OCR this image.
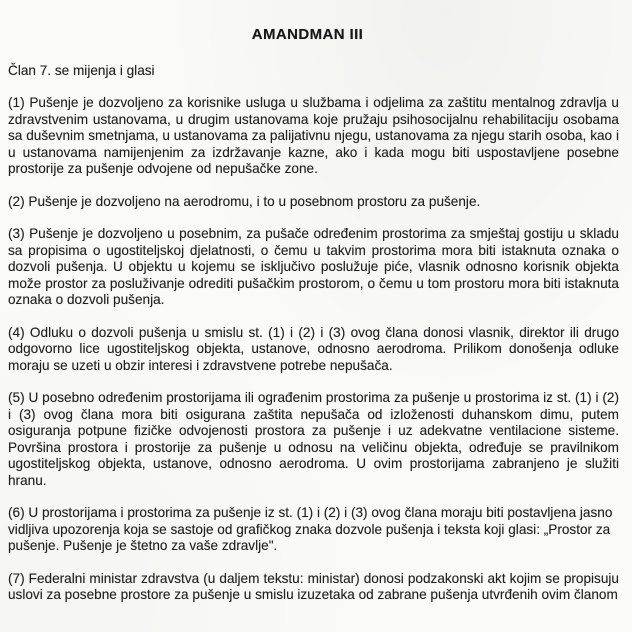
AMANDMAN III

Član 7. se mijenja i glasi

(1) Pušenje je dozvoljeno za korisnike usluga u službama i odjelima za zaštitu mentalnog zdravlja u zdravstvenim ustanovama, u drugim ustanovama koje pružaju psihosocijalnu rehabilitaciju osobama sa duševnim smetnjama, u ustanovama za palijativnu njegu, ustanovama za njegu starih osoba, kao i u ustanovama namijenjenim za izdržavanje kazne, ako i kada mogu biti uspostavljene posebne prostorije za pušenje odvojene od nepušačke zone.

(2) Pušenje je dozvoljeno na aerodromu, i to u posebnom prostoru za pušenje.

(3) Pušenje je dozvoljeno u posebnim, za pušače određenim prostorima za smještaj gostiju u skladu sa propisima o ugostiteljskoj djelatnosti, o čemu u takvim prostorima mora biti istaknuta oznaka o dozvoli pušenja. U objektu u kojemu se isključivo poslužuje piće, vlasnik odnosno korisnik objekta može prostor za posluživanje odrediti pušačkim prostorom, o čemu u tom prostoru mora biti istaknuta oznaka o dozvoli pušenja.

(4) Odluku o dozvoli pušenja u smislu st. (1) i (2) i (3) ovog člana donosi vlasnik, direktor ili drugo odgovorno lice ugostiteljskog objekta, ustanove, odnosno aerodroma. Prilikom donošenja odluke moraju se uzeti u obzir interesi i zdravstvene potrebe nepušača.

(5) U posebno određenim prostorijama ili ograđenim prostorima za pušenje u prostorima iz st. (1) i (2) i (3) ovog člana mora biti osigurana zaštita nepušača od izloženosti duhanskom dimu, putem osiguranja potpune fizičke odvojenosti prostora za pušenje i uz adekvatne ventilacione sisteme. Površina prostora i prostorije za pušenje u odnosu na veličinu objekta, određuje se pravilnikom ugostiteljskog objekta, ustanove, odnosno aerodroma. U ovim prostorijama zabranjeno je služiti hranu.

(6) U prostorijama i prostorima za pušenje iz st. (1) i (2) i (3) ovog člana moraju biti postavljena jasno vidljiva upozorenja koja se sastoje od grafičkog znaka dozvole pušenja i teksta koji glasi: „Prostor za pušenje. Pušenje je štetno za vaše zdravlje".

(7) Federalni ministar zdravstva (u daljem tekstu: ministar) donosi podzakonski akt kojim se propisuju uslovi za posebne prostore za pušenje u smislu izuzetaka od zabrane pušenja utvrđenih ovim članom
